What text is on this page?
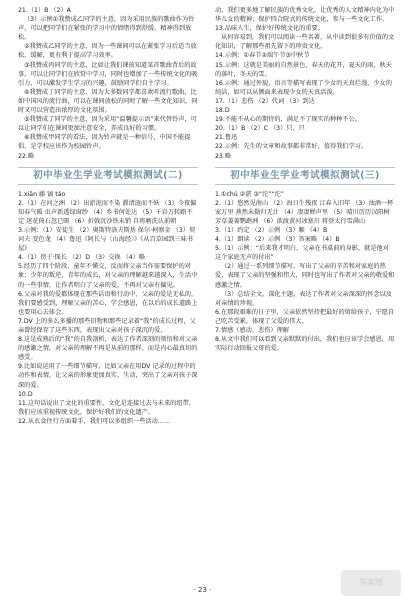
21.（1）B （2）A

（3）示例①我赞成乙同学的主意，因为采用民族的歌曲作为铃声，可以把同学们在紧张的学习中的情绪得到舒缓，精神得到放松。

②我赞成乙同学的主意，因为一些课间可以在紧张学习后适当放松，缓解，更有利于提高学习效率。

③我赞成丙同学的主意，比如让我们课前知道某首歌曲背后的故事，可以让同学们在欣赏中学习，同时也增加了一些传统文化的吸引力，可以激发学生学习的兴趣，鼓励同学们自主学习。

④我赞成丁同学的主意，因为大多数同学都喜欢听流行歌曲，比如中国风的流行曲，可以在课间放松的同时了解一些文化知识，同时又可以营造出浓厚的文化氛围。

⑤我赞成了同学的主意，因为采用“温馨提示语”来代替铃声，可以让同学们在课间更加注意安全，养成良好的习惯。

⑥我赞成甲同学的看法，因为铃声就是一种信号，中国不能提倡，是学校应该作为校园铃声。

22.略

初中毕业生学业考试模拟测试(二)

1.xiān 藤 镐 táo

2.（1）在河之洲 （2）出淤泥而不染 濯清涟而不妖 （3）今夜偏知春气暖 虫声新透绿窗纱 （4）乡书何处达 （5）千岩万转路不定 迷花倚石忽已暝 （6）折戟沉沙铁未销 自将磨洗认前朝

3.示例：（1）安徒生 （2）奥斯特洛夫斯基 保尔·柯察金 （3）契诃夫 变色龙 （4）鲁迅《阿长与〈山海经〉》《从百草园到三味书屋》

4.（1）傍于·探长 （2）D （3）交换 （4）略

5.经历了四个阶段，童年不懂交，反而将父亲当作需要保护的对象；少年的叛逆，青年的成长，对父亲的理解越来越深入，生活中的一些事情，让作者明白了父亲的爱，不再对父亲有偏见。

6.父亲对我的爱都体现在那些话语和行动中，父亲的爱是无私的，我们要感受到，理解父亲的苦心，学会感恩，在以后的成长道路上也要用心去体会。

7.DV 上的多么多播的那些旧物和那些记录着“我”的成长过程，父亲曾经保存了这些东西，表现出父亲对孩子深沉的爱。

8.这是成熟后的“我”的自我剖析，表达了作者深刻的领悟和对父亲的感激之情，对父亲的理解不再是从前的那样，而是内心最真切的感受。

9.比如说运用了一些细节描写，比如父亲在用DV 记录的过程中的动作和表情，让父亲的形象更加真实、生动，突出了父亲对孩子深深的爱。

10.D

11.这句话说出了文化的重要性，文化是连接过去与未来的纽带，我们应该重视传统文化，保护好我们的文化遗产。

12.从衣食住行方面着手，我们可以多组织一些活动……

动，我们更多地了解民族的优秀文化，让优秀的人文精神内化为中华儿女的精神；保护四合院式的传统文化，参与一些文化工作。

13.品味人生，保护好传统文化的重要。

从何容易到，我们可以阅读一些名著，从中读到很多有价值的文化知识，了解那些祖先留下的珍贵文化。

14.示例：①春节②端午节③中秋节

15.示例：这就是美丽的自然景色，春天的花开，夏天的雨，秋天的落叶，冬天的雪。

16.示例：通过外貌、语言等描写表现了少女的天真烂漫、少女的纯洁，如可以从侧面来表现少女的天真活泼。

17.（1）悲伤 （2）代词 （3）到达

18.D

19.不能不从心的期待的，满足不了现实的种种不公。

20.（1）B （2）C （3）只、只

21.鲁迅

22.示例：先生的文章和故事都非常好，值得我们学习。

23.略

初中毕业生学业考试模拟测试(三)

1.①chú ②湛 ③“沱”“沱”

2.（1）悠然见南山 （2）海日生残夜 江春入旧年 （3）浊酒一杯家万里 燕然未勒归无计 （4）凄凄蝉声里 （5）晴川历历汉阳树 芳草萋萋鹦鹉洲 （6）欲渡黄河冰塞川 将登太行雪满山

3.（1）约定 （2）示例 （3）顺 （4）B

4.（1）朗读 （2）示例 （3）答案略 （4）B

5.（1）示例：“后来我才明白，父亲在书桌前的身影，就是他对这个家庭无声的付出”

（2）通过一系列细节描写，写出了父亲的辛苦和对家庭的热爱，表现了父亲的坚强和伟大，同时也写出了作者对父亲的敬爱和感激之情。

（3）总结全文，深化主题，表达了作者对父亲深深的怀念以及对亲情的珍视。

6.在那段艰难的日子里，父亲依然坚持把最好的留给孩子，宁愿自己吃苦受累，体现了父爱的伟大。

7.情感（感动、悲伤）理解

8.从文中我们可以看到父亲默默的付出，我们也应该学会感恩，用实际行动回报父母的爱。

· 23 ·
答案圈
